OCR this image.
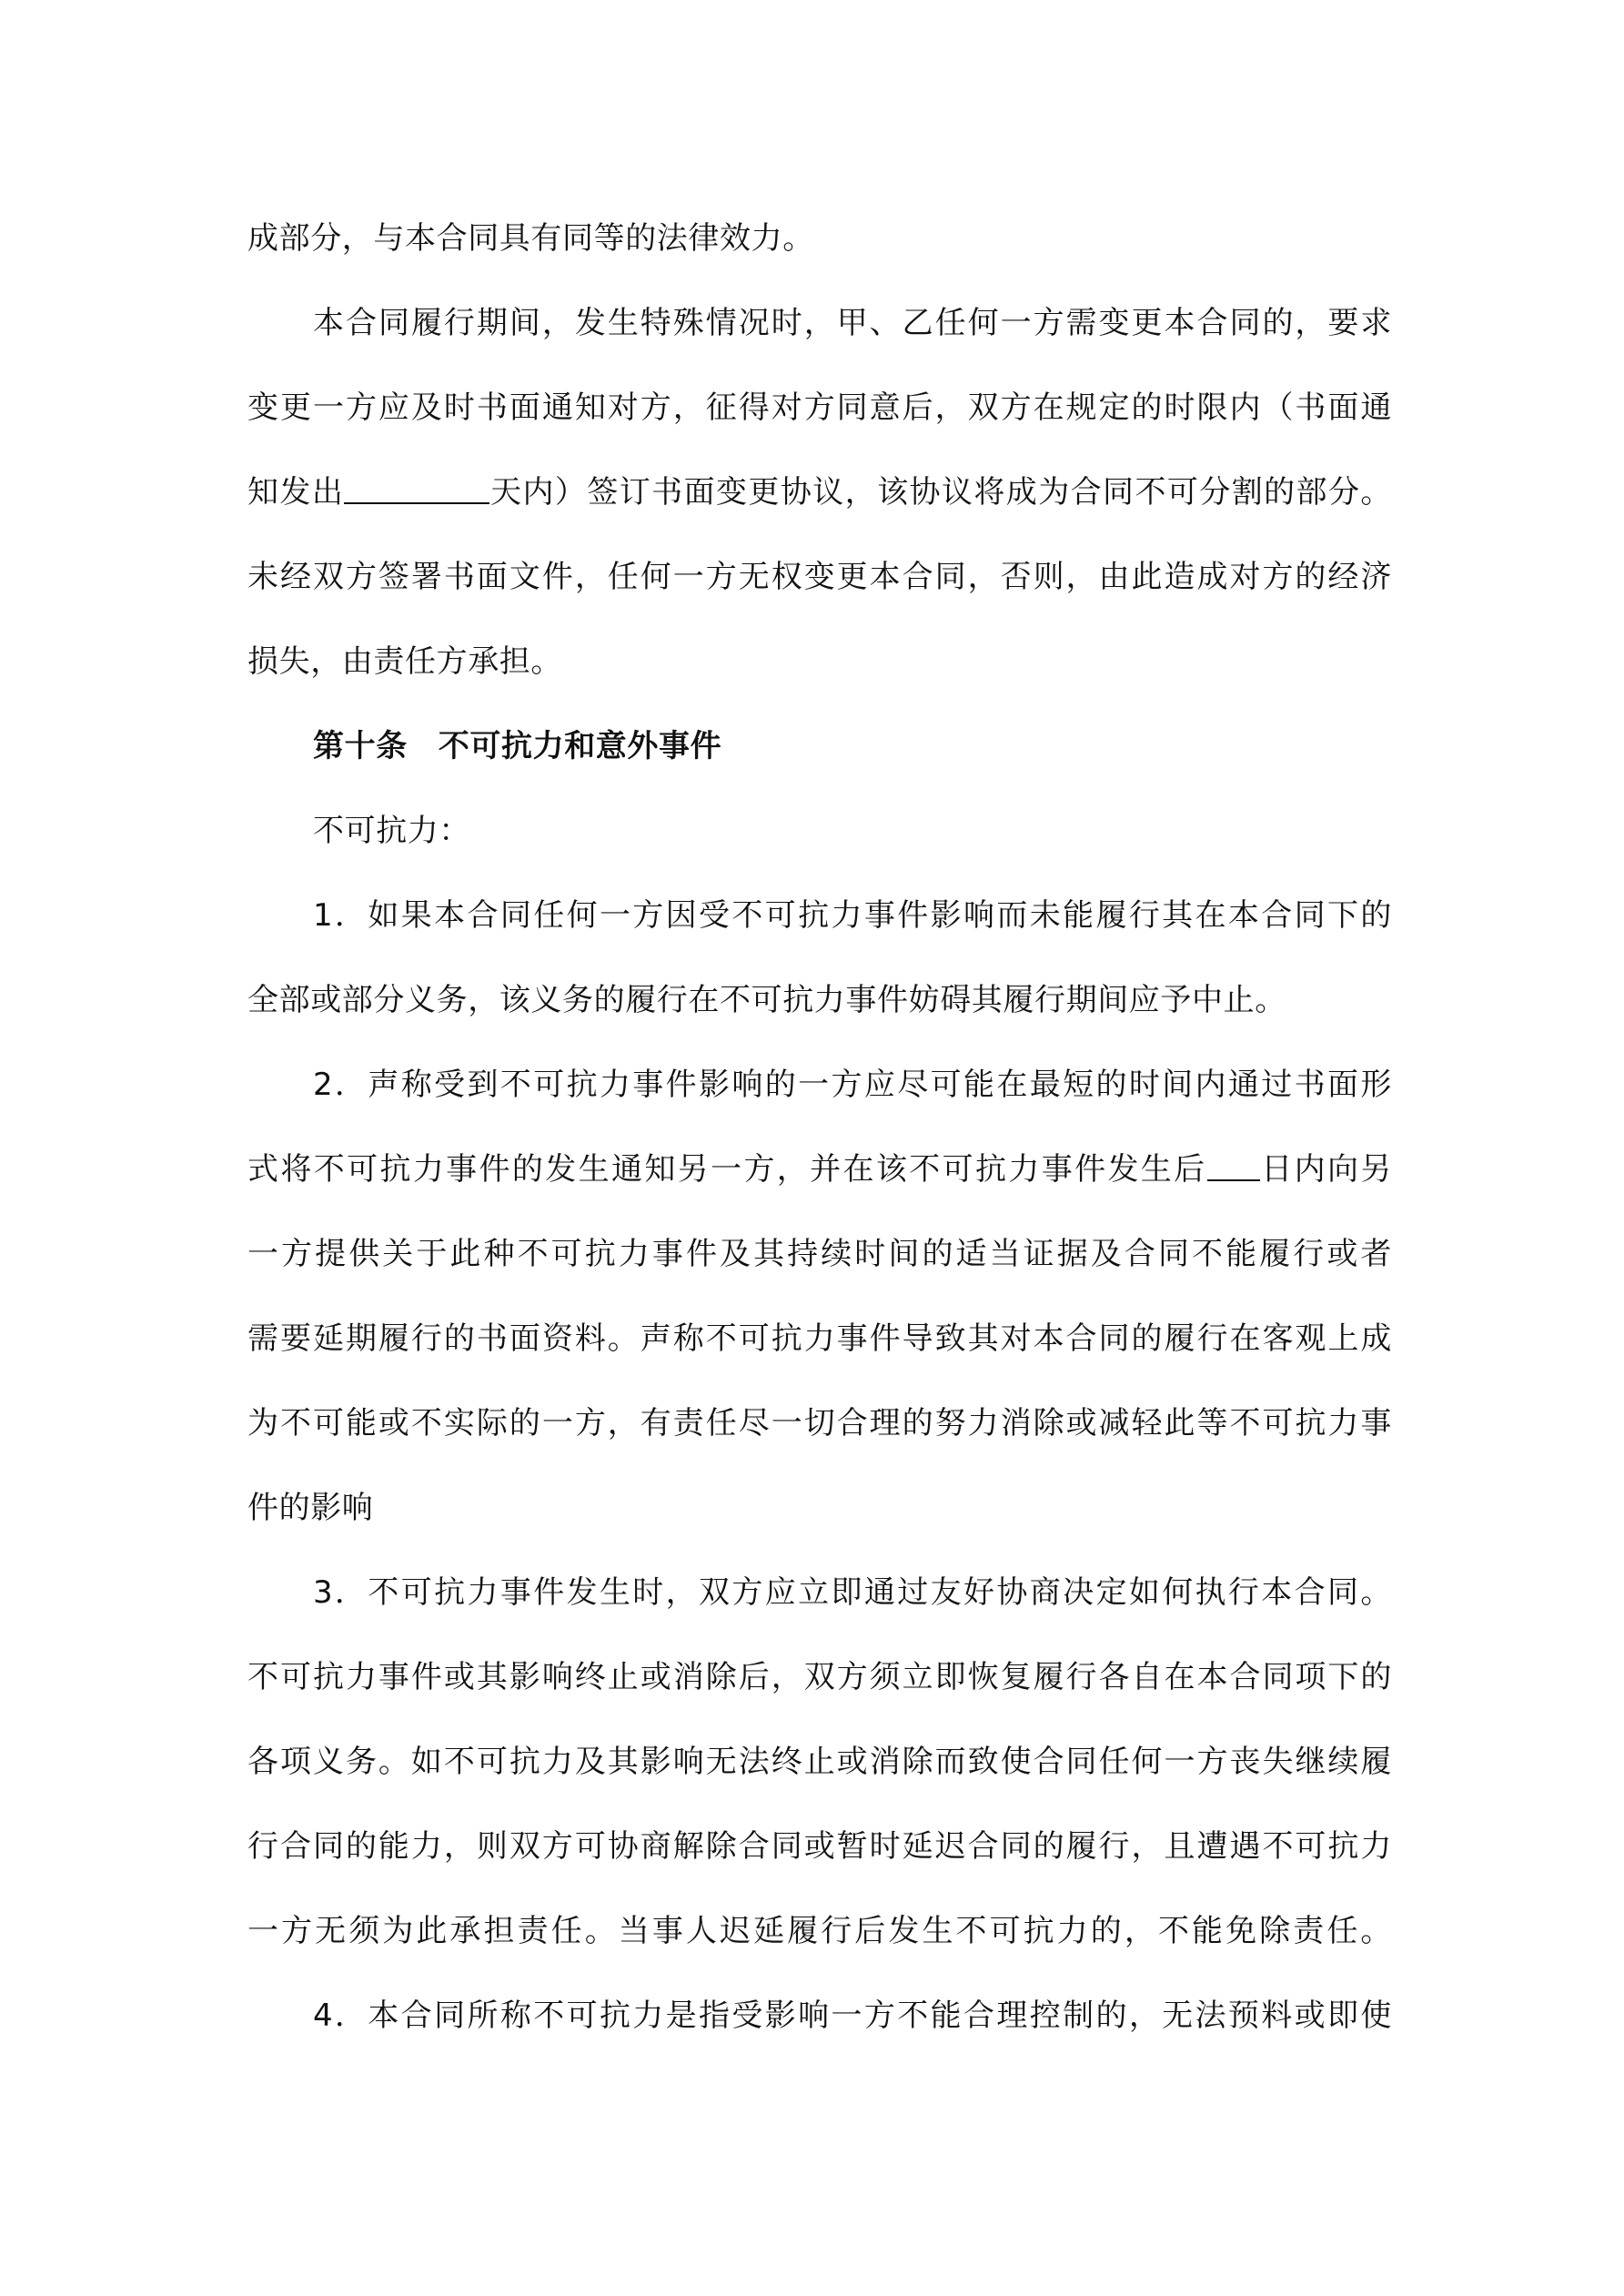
成部分，与本合同具有同等的法律效力。
本合同履行期间，发生特殊情况时，甲、乙任何一方需变更本合同的，要求
变更一方应及时书面通知对方，征得对方同意后，双方在规定的时限内（书面通
知发出	天内）签订书面变更协议，该协议将成为合同不可分割的部分。
未经双方签署书面文件，任何一方无权变更本合同，否则，由此造成对方的经济
损失，由责任方承担。
第十条 不可抗力和意外事件
不可抗力：
1．如果本合同任何一方因受不可抗力事件影响而未能履行其在本合同下的
全部或部分义务，该义务的履行在不可抗力事件妨碍其履行期间应予中止。
2．声称受到不可抗力事件影响的一方应尽可能在最短的时间内通过书面形
式将不可抗力事件的发生通知另一方，并在该不可抗力事件发生后 日内向另
一方提供关于此种不可抗力事件及其持续时间的适当证据及合同不能履行或者
需要延期履行的书面资料。声称不可抗力事件导致其对本合同的履行在客观上成
为不可能或不实际的一方，有责任尽一切合理的努力消除或减轻此等不可抗力事
件的影响
3．不可抗力事件发生时，双方应立即通过友好协商决定如何执行本合同。
不可抗力事件或其影响终止或消除后，双方须立即恢复履行各自在本合同项下的
各项义务。如不可抗力及其影响无法终止或消除而致使合同任何一方丧失继续履
行合同的能力，则双方可协商解除合同或暂时延迟合同的履行，且遭遇不可抗力
一方无须为此承担责任。当事人迟延履行后发生不可抗力的，不能免除责任。
4．本合同所称不可抗力是指受影响一方不能合理控制的，无法预料或即使
